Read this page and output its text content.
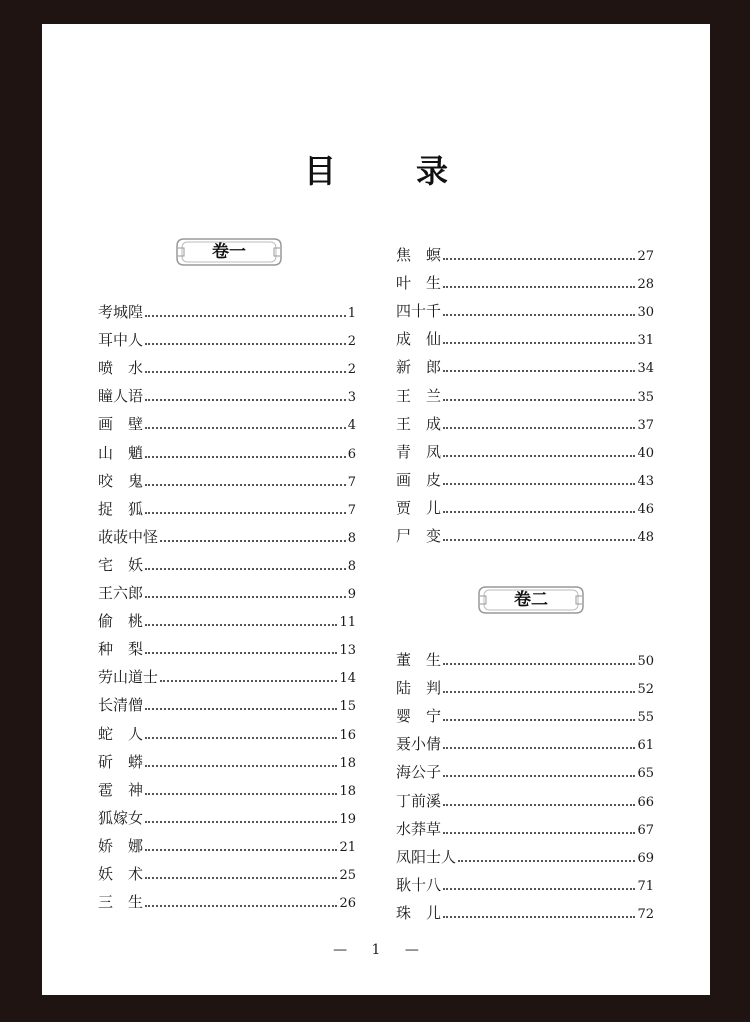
目　录
卷一
考城隍	1
耳中人	2
喷　水	2
瞳人语	3
画　壁	4
山　魈	6
咬　鬼	7
捉　狐	7
荍荍中怪	8
宅　妖	8
王六郎	9
偷　桃	11
种　梨	13
劳山道士	14
长清僧	15
蛇　人	16
斫　蟒	18
雹　神	18
狐嫁女	19
娇　娜	21
妖　术	25
三　生	26
焦　螟	27
叶　生	28
四十千	30
成　仙	31
新　郎	34
王　兰	35
王　成	37
青　凤	40
画　皮	43
贾　儿	46
尸　变	48
卷二
董　生	50
陆　判	52
婴　宁	55
聂小倩	61
海公子	65
丁前溪	66
水莽草	67
凤阳士人	69
耿十八	71
珠　儿	72
— 1 —
